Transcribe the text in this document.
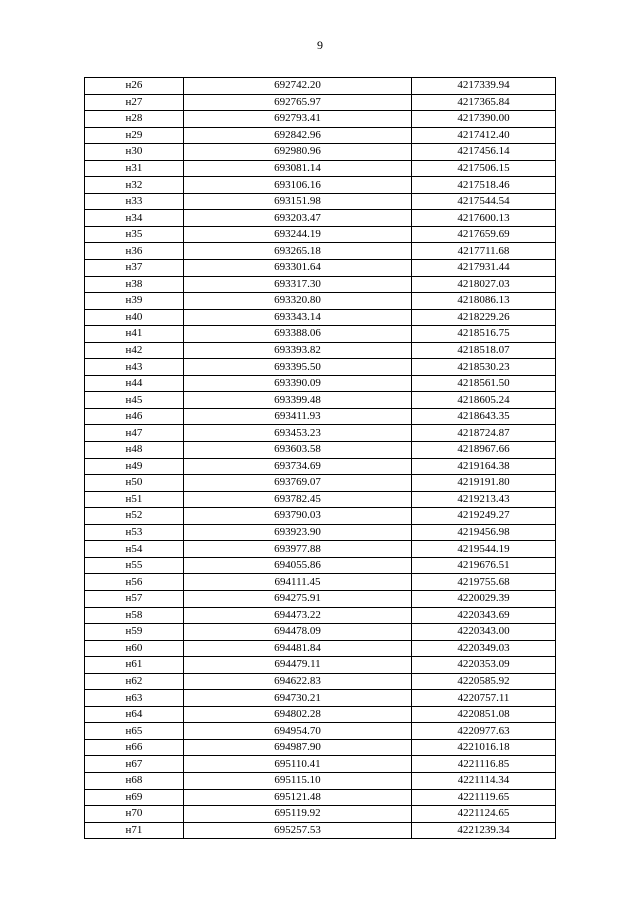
9
н26	692742.20	4217339.94
н27	692765.97	4217365.84
н28	692793.41	4217390.00
н29	692842.96	4217412.40
н30	692980.96	4217456.14
н31	693081.14	4217506.15
н32	693106.16	4217518.46
н33	693151.98	4217544.54
н34	693203.47	4217600.13
н35	693244.19	4217659.69
н36	693265.18	4217711.68
н37	693301.64	4217931.44
н38	693317.30	4218027.03
н39	693320.80	4218086.13
н40	693343.14	4218229.26
н41	693388.06	4218516.75
н42	693393.82	4218518.07
н43	693395.50	4218530.23
н44	693390.09	4218561.50
н45	693399.48	4218605.24
н46	693411.93	4218643.35
н47	693453.23	4218724.87
н48	693603.58	4218967.66
н49	693734.69	4219164.38
н50	693769.07	4219191.80
н51	693782.45	4219213.43
н52	693790.03	4219249.27
н53	693923.90	4219456.98
н54	693977.88	4219544.19
н55	694055.86	4219676.51
н56	694111.45	4219755.68
н57	694275.91	4220029.39
н58	694473.22	4220343.69
н59	694478.09	4220343.00
н60	694481.84	4220349.03
н61	694479.11	4220353.09
н62	694622.83	4220585.92
н63	694730.21	4220757.11
н64	694802.28	4220851.08
н65	694954.70	4220977.63
н66	694987.90	4221016.18
н67	695110.41	4221116.85
н68	695115.10	4221114.34
н69	695121.48	4221119.65
н70	695119.92	4221124.65
н71	695257.53	4221239.34
